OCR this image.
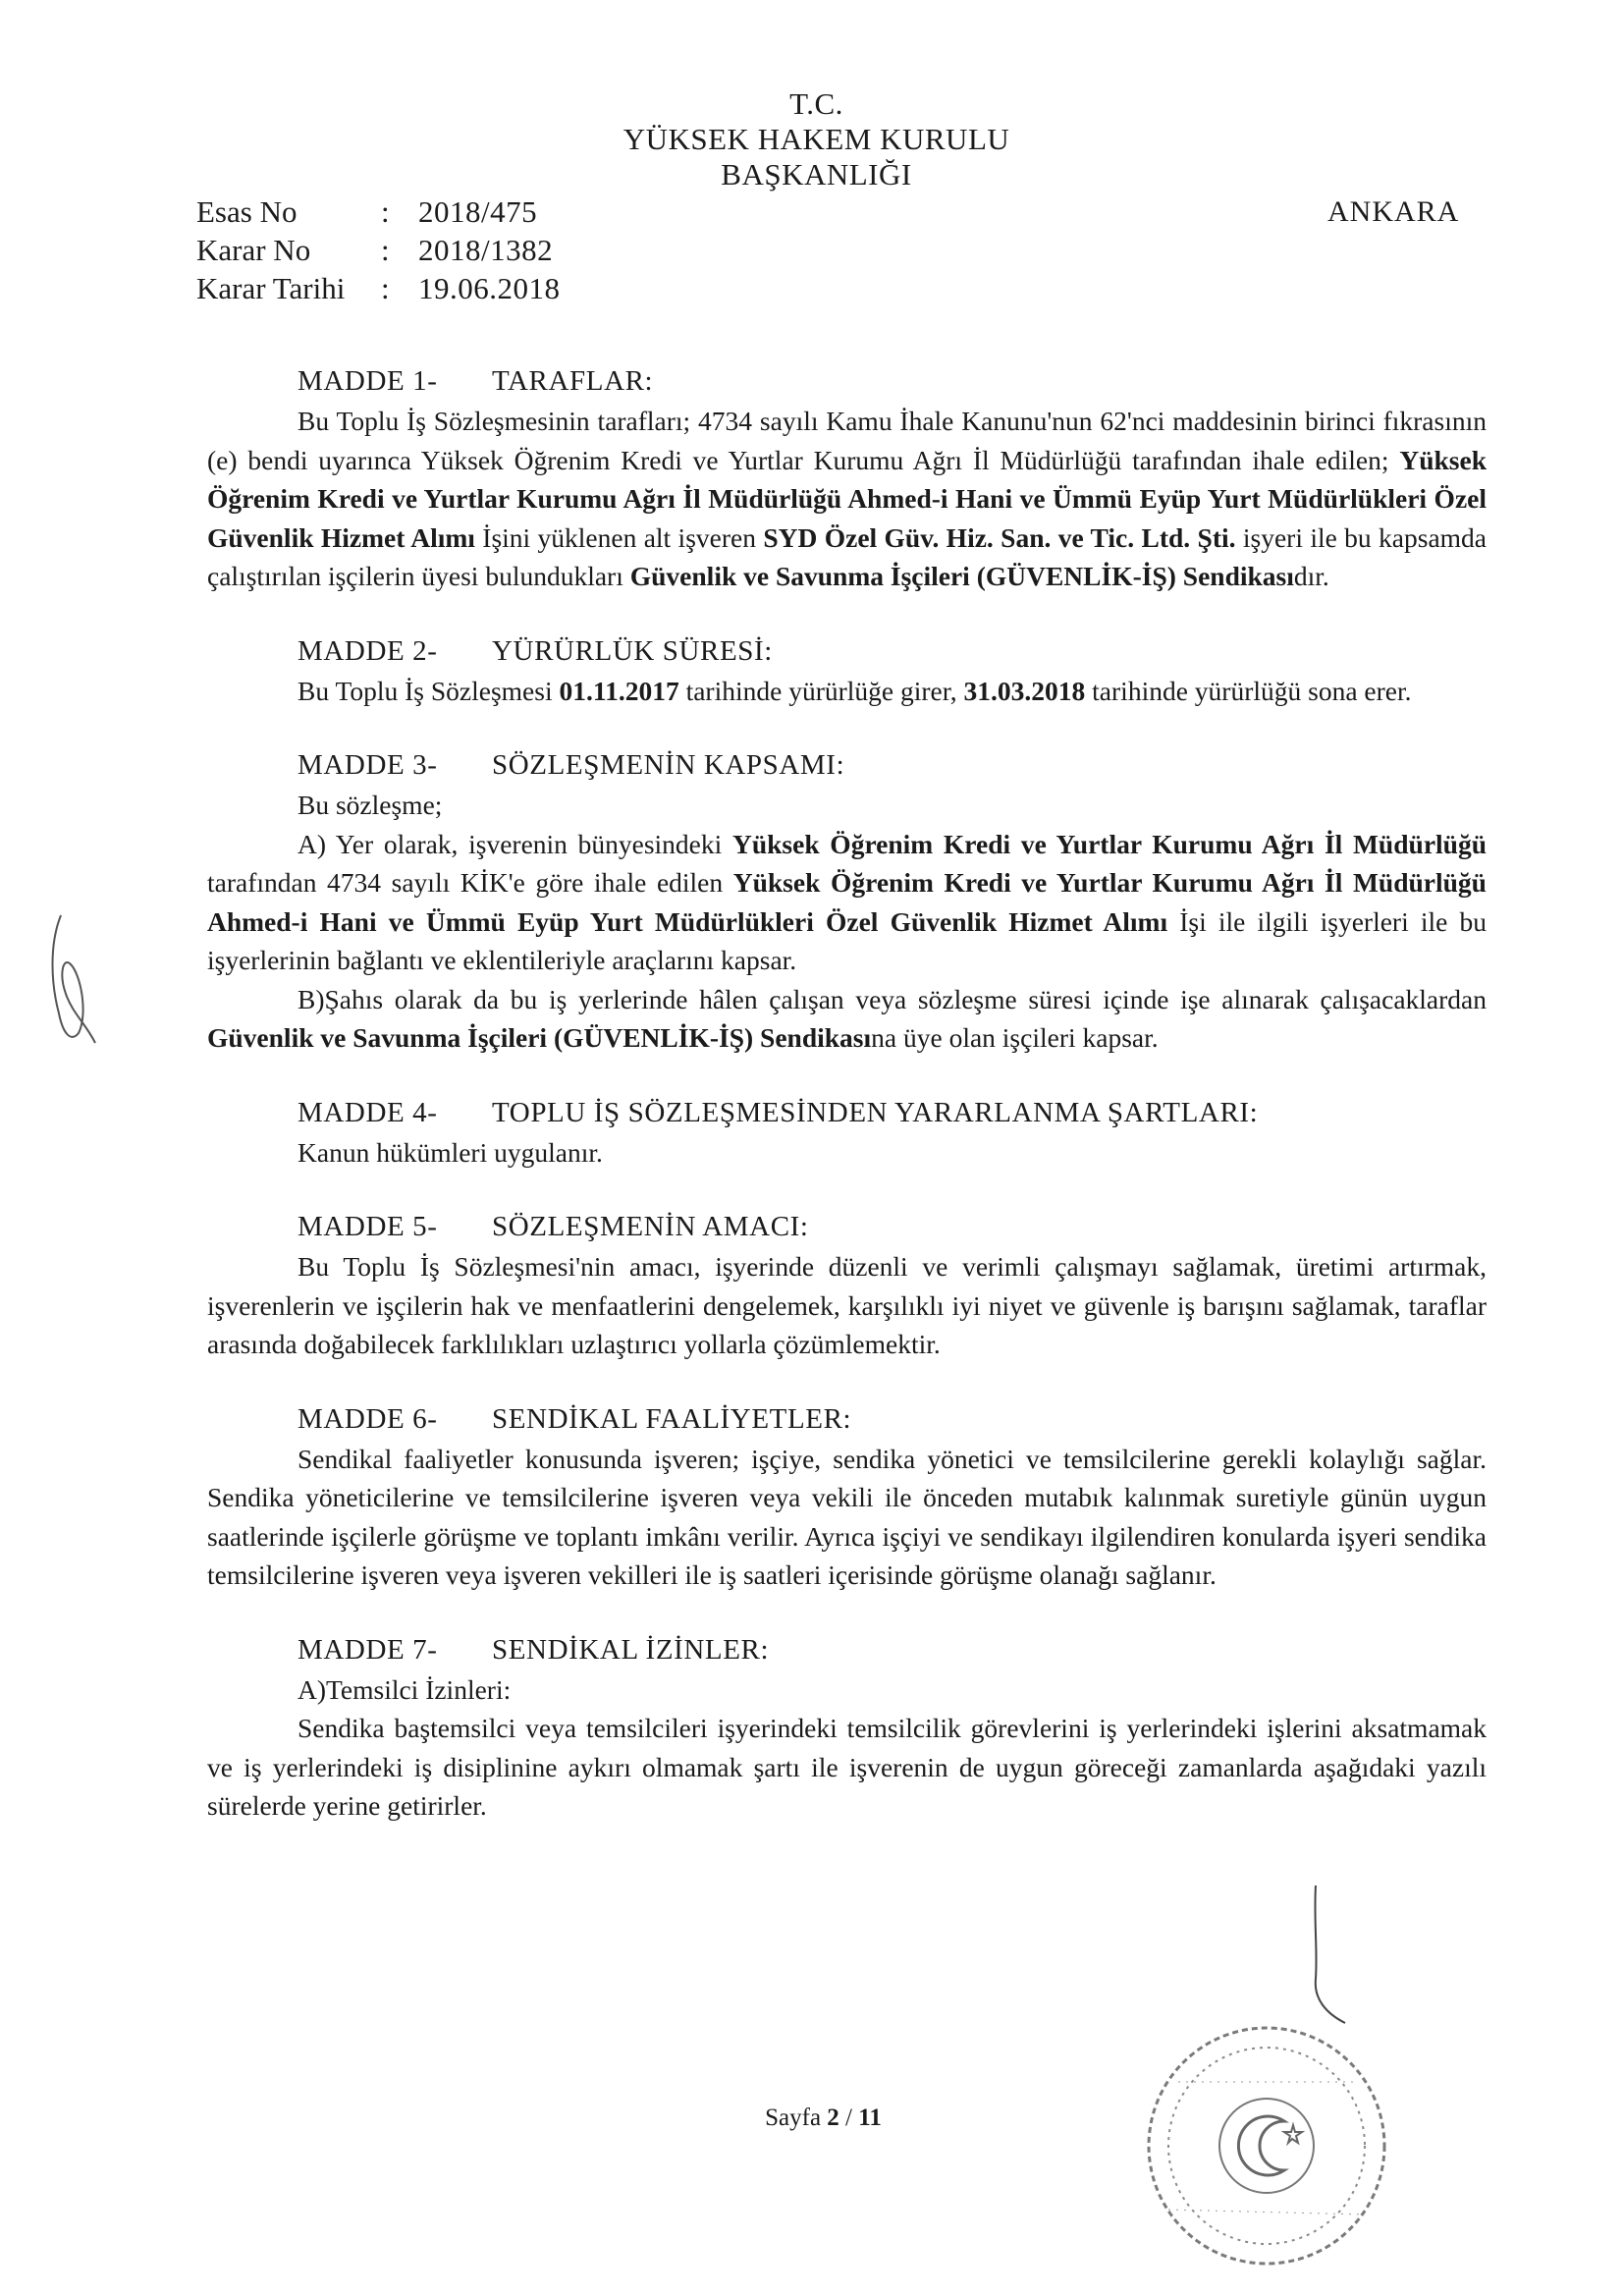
T.C.
YÜKSEK HAKEM KURULU
BAŞKANLIĞI
Esas No	: 2018/475
Karar No	: 2018/1382
Karar Tarihi	: 19.06.2018
ANKARA
MADDE 1- TARAFLAR:
Bu Toplu İş Sözleşmesinin tarafları; 4734 sayılı Kamu İhale Kanunu'nun 62'nci maddesinin birinci fıkrasının (e) bendi uyarınca Yüksek Öğrenim Kredi ve Yurtlar Kurumu Ağrı İl Müdürlüğü tarafından ihale edilen; Yüksek Öğrenim Kredi ve Yurtlar Kurumu Ağrı İl Müdürlüğü Ahmed-i Hani ve Ümmü Eyüp Yurt Müdürlükleri Özel Güvenlik Hizmet Alımı İşini yüklenen alt işveren SYD Özel Güv. Hiz. San. ve Tic. Ltd. Şti. işyeri ile bu kapsamda çalıştırılan işçilerin üyesi bulundukları Güvenlik ve Savunma İşçileri (GÜVENLİK-İŞ) Sendikasıdır.
MADDE 2- YÜRÜRLÜK SÜRESİ:
Bu Toplu İş Sözleşmesi 01.11.2017 tarihinde yürürlüğe girer, 31.03.2018 tarihinde yürürlüğü sona erer.
MADDE 3- SÖZLEŞMENİN KAPSAMI:
Bu sözleşme;
A) Yer olarak, işverenin bünyesindeki Yüksek Öğrenim Kredi ve Yurtlar Kurumu Ağrı İl Müdürlüğü tarafından 4734 sayılı KİK'e göre ihale edilen Yüksek Öğrenim Kredi ve Yurtlar Kurumu Ağrı İl Müdürlüğü Ahmed-i Hani ve Ümmü Eyüp Yurt Müdürlükleri Özel Güvenlik Hizmet Alımı İşi ile ilgili işyerleri ile bu işyerlerinin bağlantı ve eklentileriyle araçlarını kapsar.
B)Şahıs olarak da bu iş yerlerinde hâlen çalışan veya sözleşme süresi içinde işe alınarak çalışacaklardan Güvenlik ve Savunma İşçileri (GÜVENLİK-İŞ) Sendikasına üye olan işçileri kapsar.
MADDE 4- TOPLU İŞ SÖZLEŞMESİNDEN YARARLANMA ŞARTLARI:
Kanun hükümleri uygulanır.
MADDE 5- SÖZLEŞMENİN AMACI:
Bu Toplu İş Sözleşmesi'nin amacı, işyerinde düzenli ve verimli çalışmayı sağlamak, üretimi artırmak, işverenlerin ve işçilerin hak ve menfaatlerini dengelemek, karşılıklı iyi niyet ve güvenle iş barışını sağlamak, taraflar arasında doğabilecek farklılıkları uzlaştırıcı yollarla çözümlemektir.
MADDE 6- SENDİKAL FAALİYETLER:
Sendikal faaliyetler konusunda işveren; işçiye, sendika yönetici ve temsilcilerine gerekli kolaylığı sağlar. Sendika yöneticilerine ve temsilcilerine işveren veya vekili ile önceden mutabık kalınmak suretiyle günün uygun saatlerinde işçilerle görüşme ve toplantı imkânı verilir. Ayrıca işçiyi ve sendikayı ilgilendiren konularda işyeri sendika temsilcilerine işveren veya işveren vekilleri ile iş saatleri içerisinde görüşme olanağı sağlanır.
MADDE 7- SENDİKAL İZİNLER:
A)Temsilci İzinleri:
Sendika baştemsilci veya temsilcileri işyerindeki temsilcilik görevlerini iş yerlerindeki işlerini aksatmamak ve iş yerlerindeki iş disiplinine aykırı olmamak şartı ile işverenin de uygun göreceği zamanlarda aşağıdaki yazılı sürelerde yerine getirirler.
Sayfa 2 / 11
